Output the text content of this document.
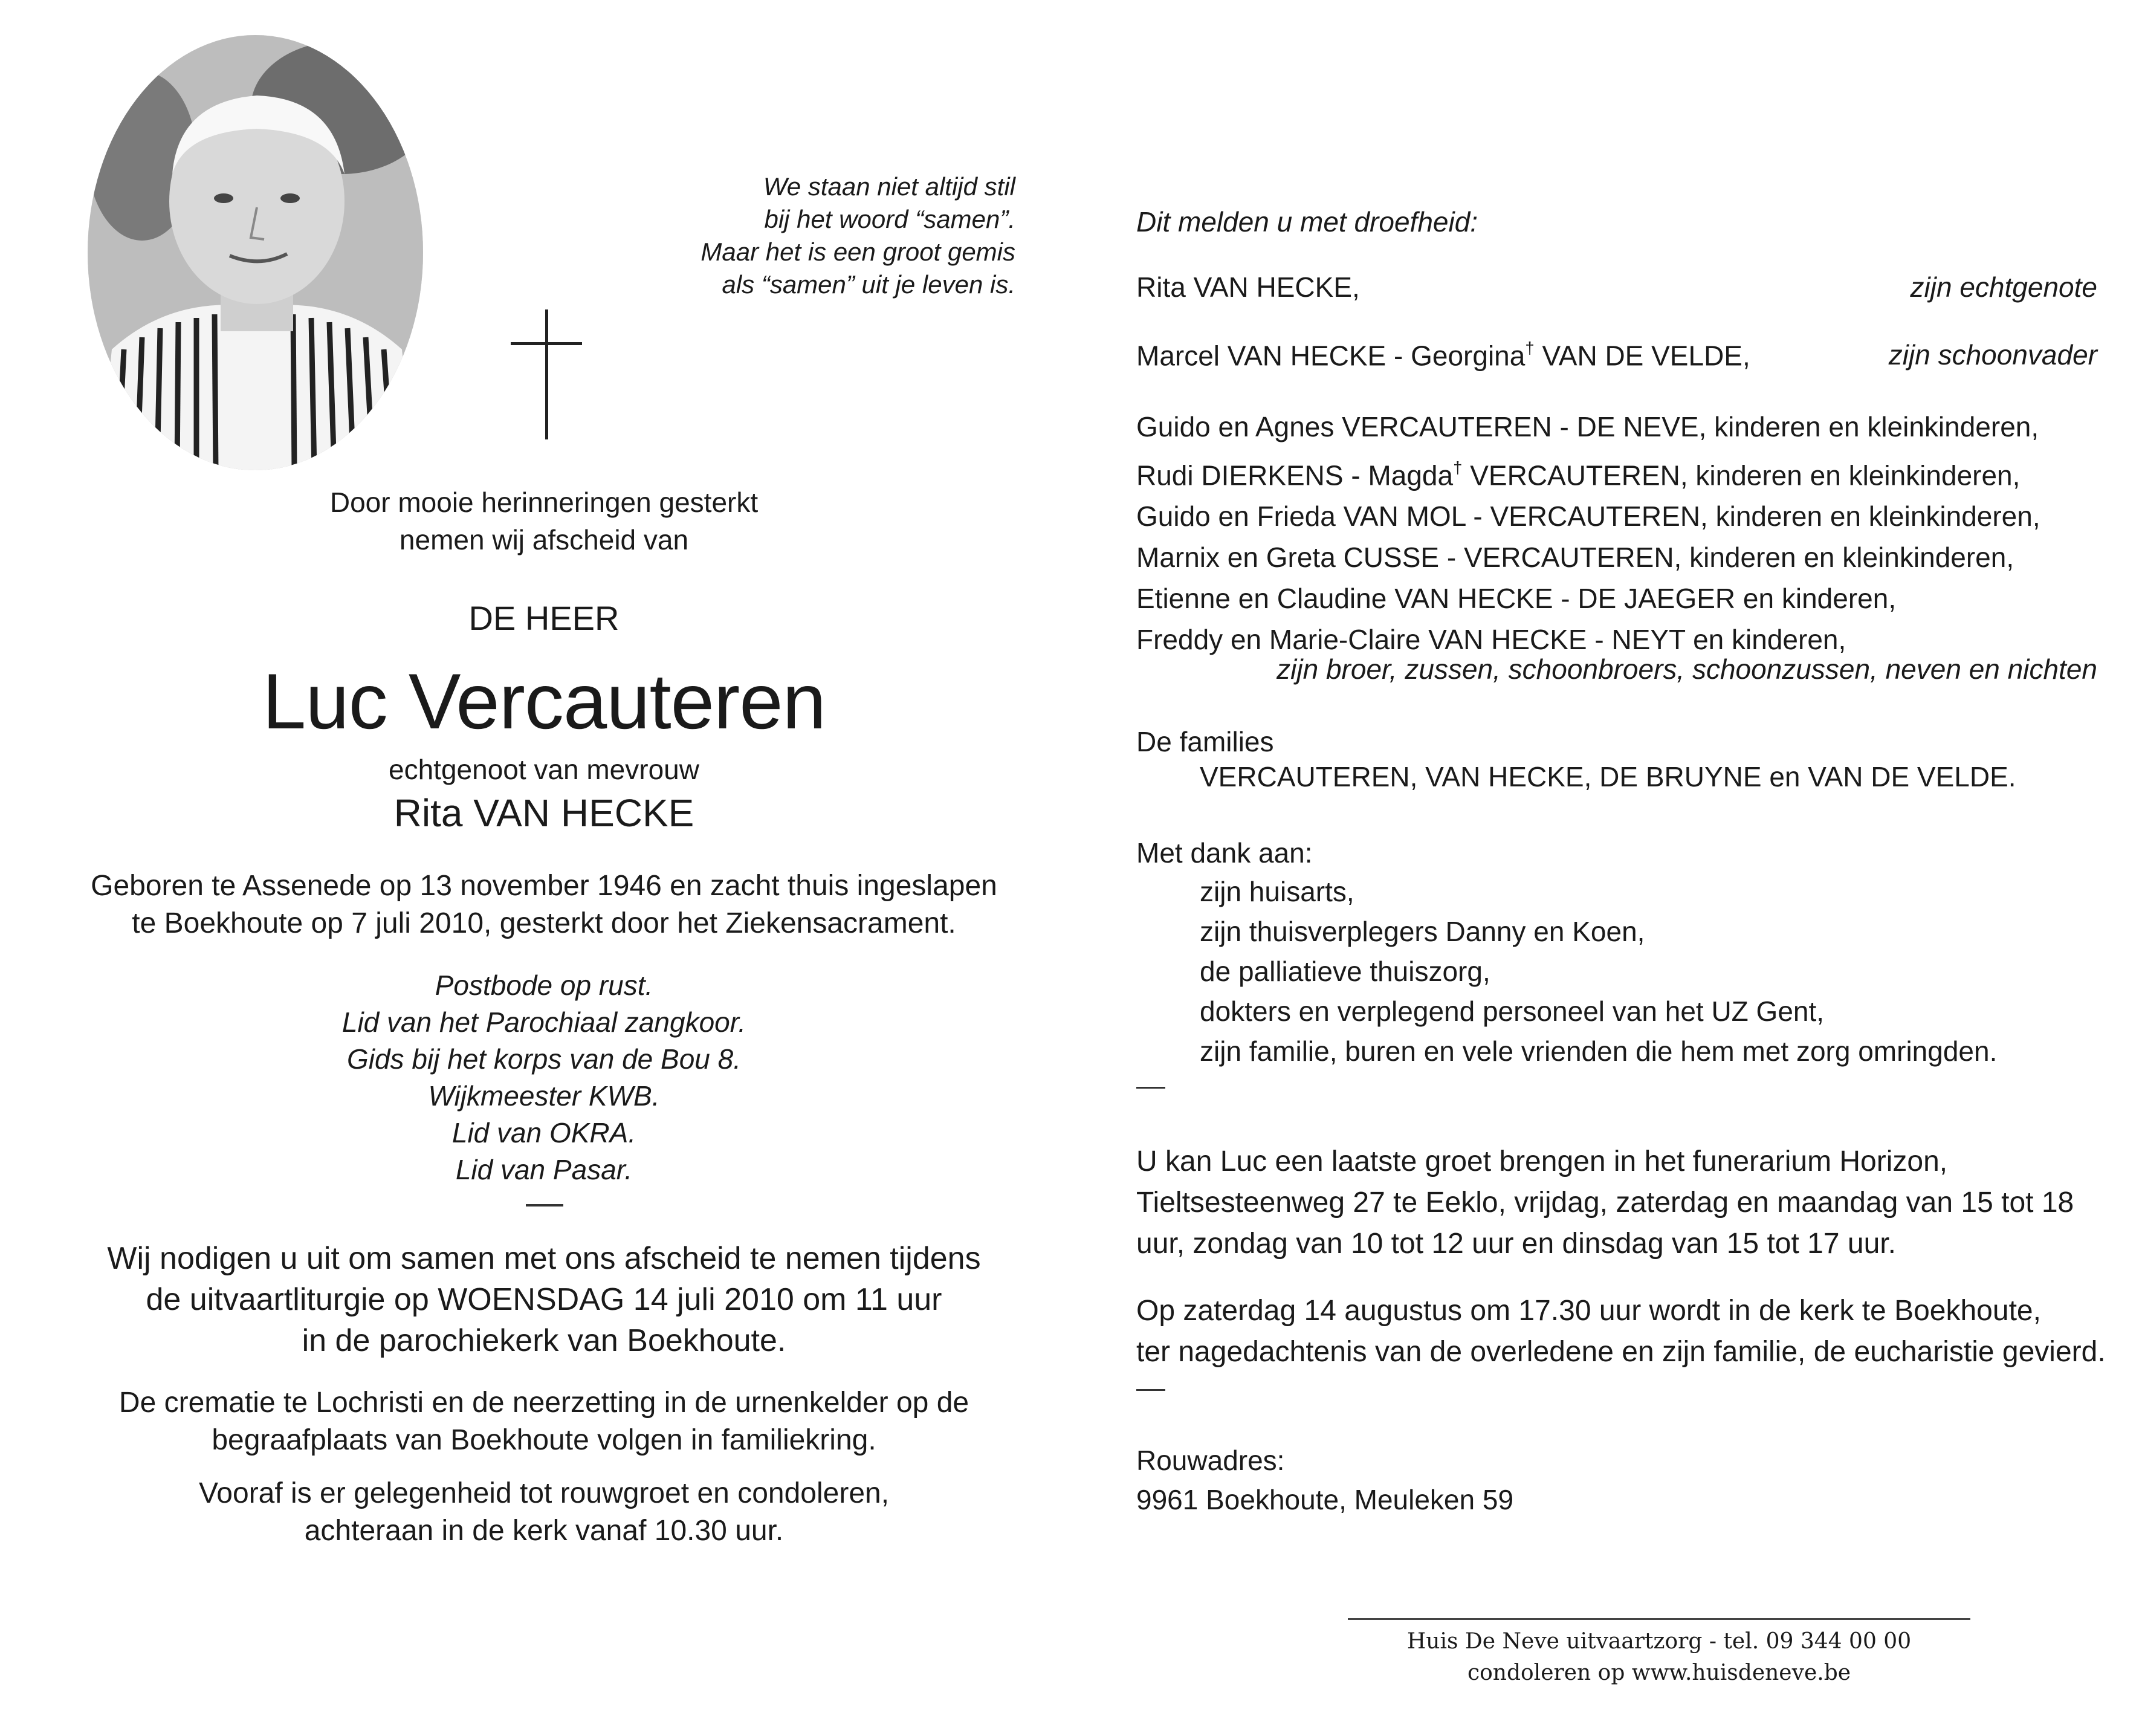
We staan niet altijd stil
bij het woord “samen”.
Maar het is een groot gemis
als “samen” uit je leven is.
Door mooie herinneringen gesterkt
nemen wij afscheid van
DE HEER
Luc Vercauteren
echtgenoot van mevrouw
Rita VAN HECKE
Geboren te Assenede op 13 november 1946 en zacht thuis ingeslapen
te Boekhoute op 7 juli 2010, gesterkt door het Ziekensacrament.
Postbode op rust.
Lid van het Parochiaal zangkoor.
Gids bij het korps van de Bou 8.
Wijkmeester KWB.
Lid van OKRA.
Lid van Pasar.
Wij nodigen u uit om samen met ons afscheid te nemen tijdens
de uitvaartliturgie op WOENSDAG 14 juli 2010 om 11 uur
in de parochiekerk van Boekhoute.
De crematie te Lochristi en de neerzetting in de urnenkelder op de
begraafplaats van Boekhoute volgen in familiekring.
Vooraf is er gelegenheid tot rouwgroet en condoleren,
achteraan in de kerk vanaf 10.30 uur.
Dit melden u met droefheid:
Rita VAN HECKE,	zijn echtgenote
Marcel VAN HECKE - Georgina† VAN DE VELDE,	zijn schoonvader
Guido en Agnes VERCAUTEREN - DE NEVE, kinderen en kleinkinderen,
Rudi DIERKENS - Magda† VERCAUTEREN, kinderen en kleinkinderen,
Guido en Frieda VAN MOL - VERCAUTEREN, kinderen en kleinkinderen,
Marnix en Greta CUSSE - VERCAUTEREN, kinderen en kleinkinderen,
Etienne en Claudine VAN HECKE - DE JAEGER en kinderen,
Freddy en Marie-Claire VAN HECKE - NEYT en kinderen,
zijn broer, zussen, schoonbroers, schoonzussen, neven en nichten
De families
VERCAUTEREN, VAN HECKE, DE BRUYNE en VAN DE VELDE.
Met dank aan:
zijn huisarts,
zijn thuisverplegers Danny en Koen,
de palliatieve thuiszorg,
dokters en verplegend personeel van het UZ Gent,
zijn familie, buren en vele vrienden die hem met zorg omringden.
U kan Luc een laatste groet brengen in het funerarium Horizon,
Tieltsesteenweg 27 te Eeklo, vrijdag, zaterdag en maandag van 15 tot 18
uur, zondag van 10 tot 12 uur en dinsdag van 15 tot 17 uur.
Op zaterdag 14 augustus om 17.30 uur wordt in de kerk te Boekhoute,
ter nagedachtenis van de overledene en zijn familie, de eucharistie gevierd.
Rouwadres:
9961 Boekhoute, Meuleken 59
Huis De Neve uitvaartzorg - tel. 09 344 00 00
condoleren op www.huisdeneve.be
